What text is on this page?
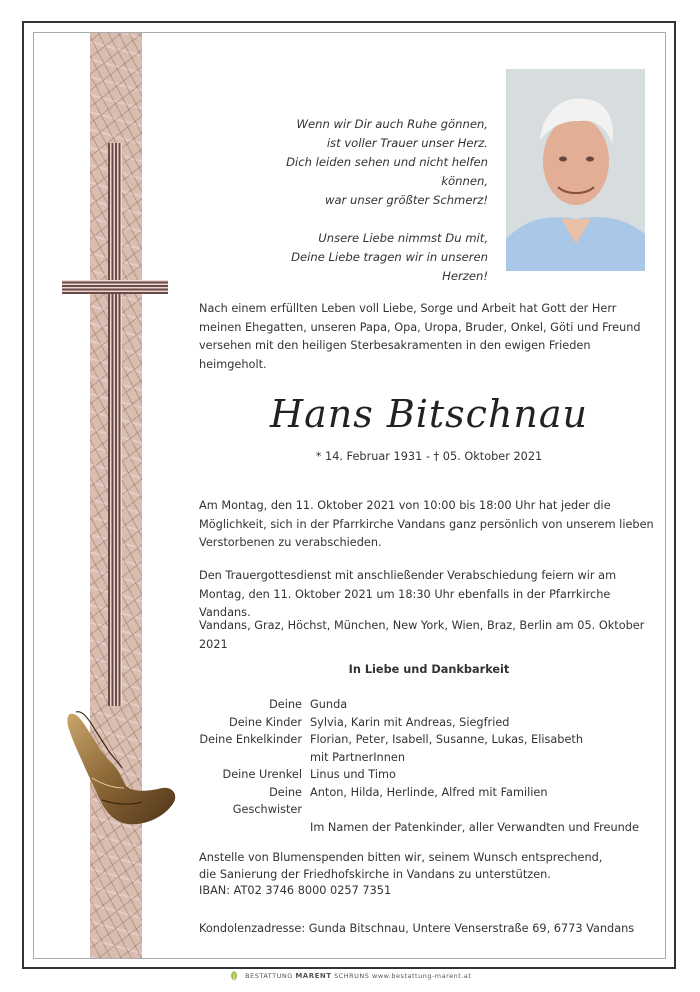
Wenn wir Dir auch Ruhe gönnen,

ist voller Trauer unser Herz.

Dich leiden sehen und nicht helfen können,

war unser größter Schmerz!

Unsere Liebe nimmst Du mit,

Deine Liebe tragen wir in unseren Herzen!

Nach einem erfüllten Leben voll Liebe, Sorge und Arbeit hat Gott der Herr meinen Ehegatten, unseren Papa, Opa, Uropa, Bruder, Onkel, Göti und Freund versehen mit den heiligen Sterbesakramenten in den ewigen Frieden heimgeholt.
Hans Bitschnau
* 14. Februar 1931 - † 05. Oktober 2021
Am Montag, den 11. Oktober 2021 von 10:00 bis 18:00 Uhr hat jeder die Möglichkeit, sich in der Pfarrkirche Vandans ganz persönlich von unserem lieben Verstorbenen zu verabschieden.
Den Trauergottesdienst mit anschließender Verabschiedung feiern wir am Montag, den 11. Oktober 2021 um 18:30 Uhr ebenfalls in der Pfarrkirche Vandans.
Vandans, Graz, Höchst, München, New York, Wien, Braz, Berlin am 05. Oktober 2021
In Liebe und Dankbarkeit
Deine Gunda
Deine Kinder Sylvia, Karin mit Andreas, Siegfried
Deine Enkelkinder Florian, Peter, Isabell, Susanne, Lukas, Elisabeth
mit PartnerInnen
Deine Urenkel Linus und Timo
Deine Geschwister
Anton, Hilda, Herlinde, Alfred mit Familien
Im Namen der Patenkinder, aller Verwandten und Freunde
Anstelle von Blumenspenden bitten wir, seinem Wunsch entsprechend,
die Sanierung der Friedhofskirche in Vandans zu unterstützen.
IBAN: AT02 3746 8000 0257 7351
Kondolenzadresse: Gunda Bitschnau, Untere Venserstraße 69, 6773 Vandans
BESTATTUNG MARENT SCHRUNS www.bestattung-marent.at
